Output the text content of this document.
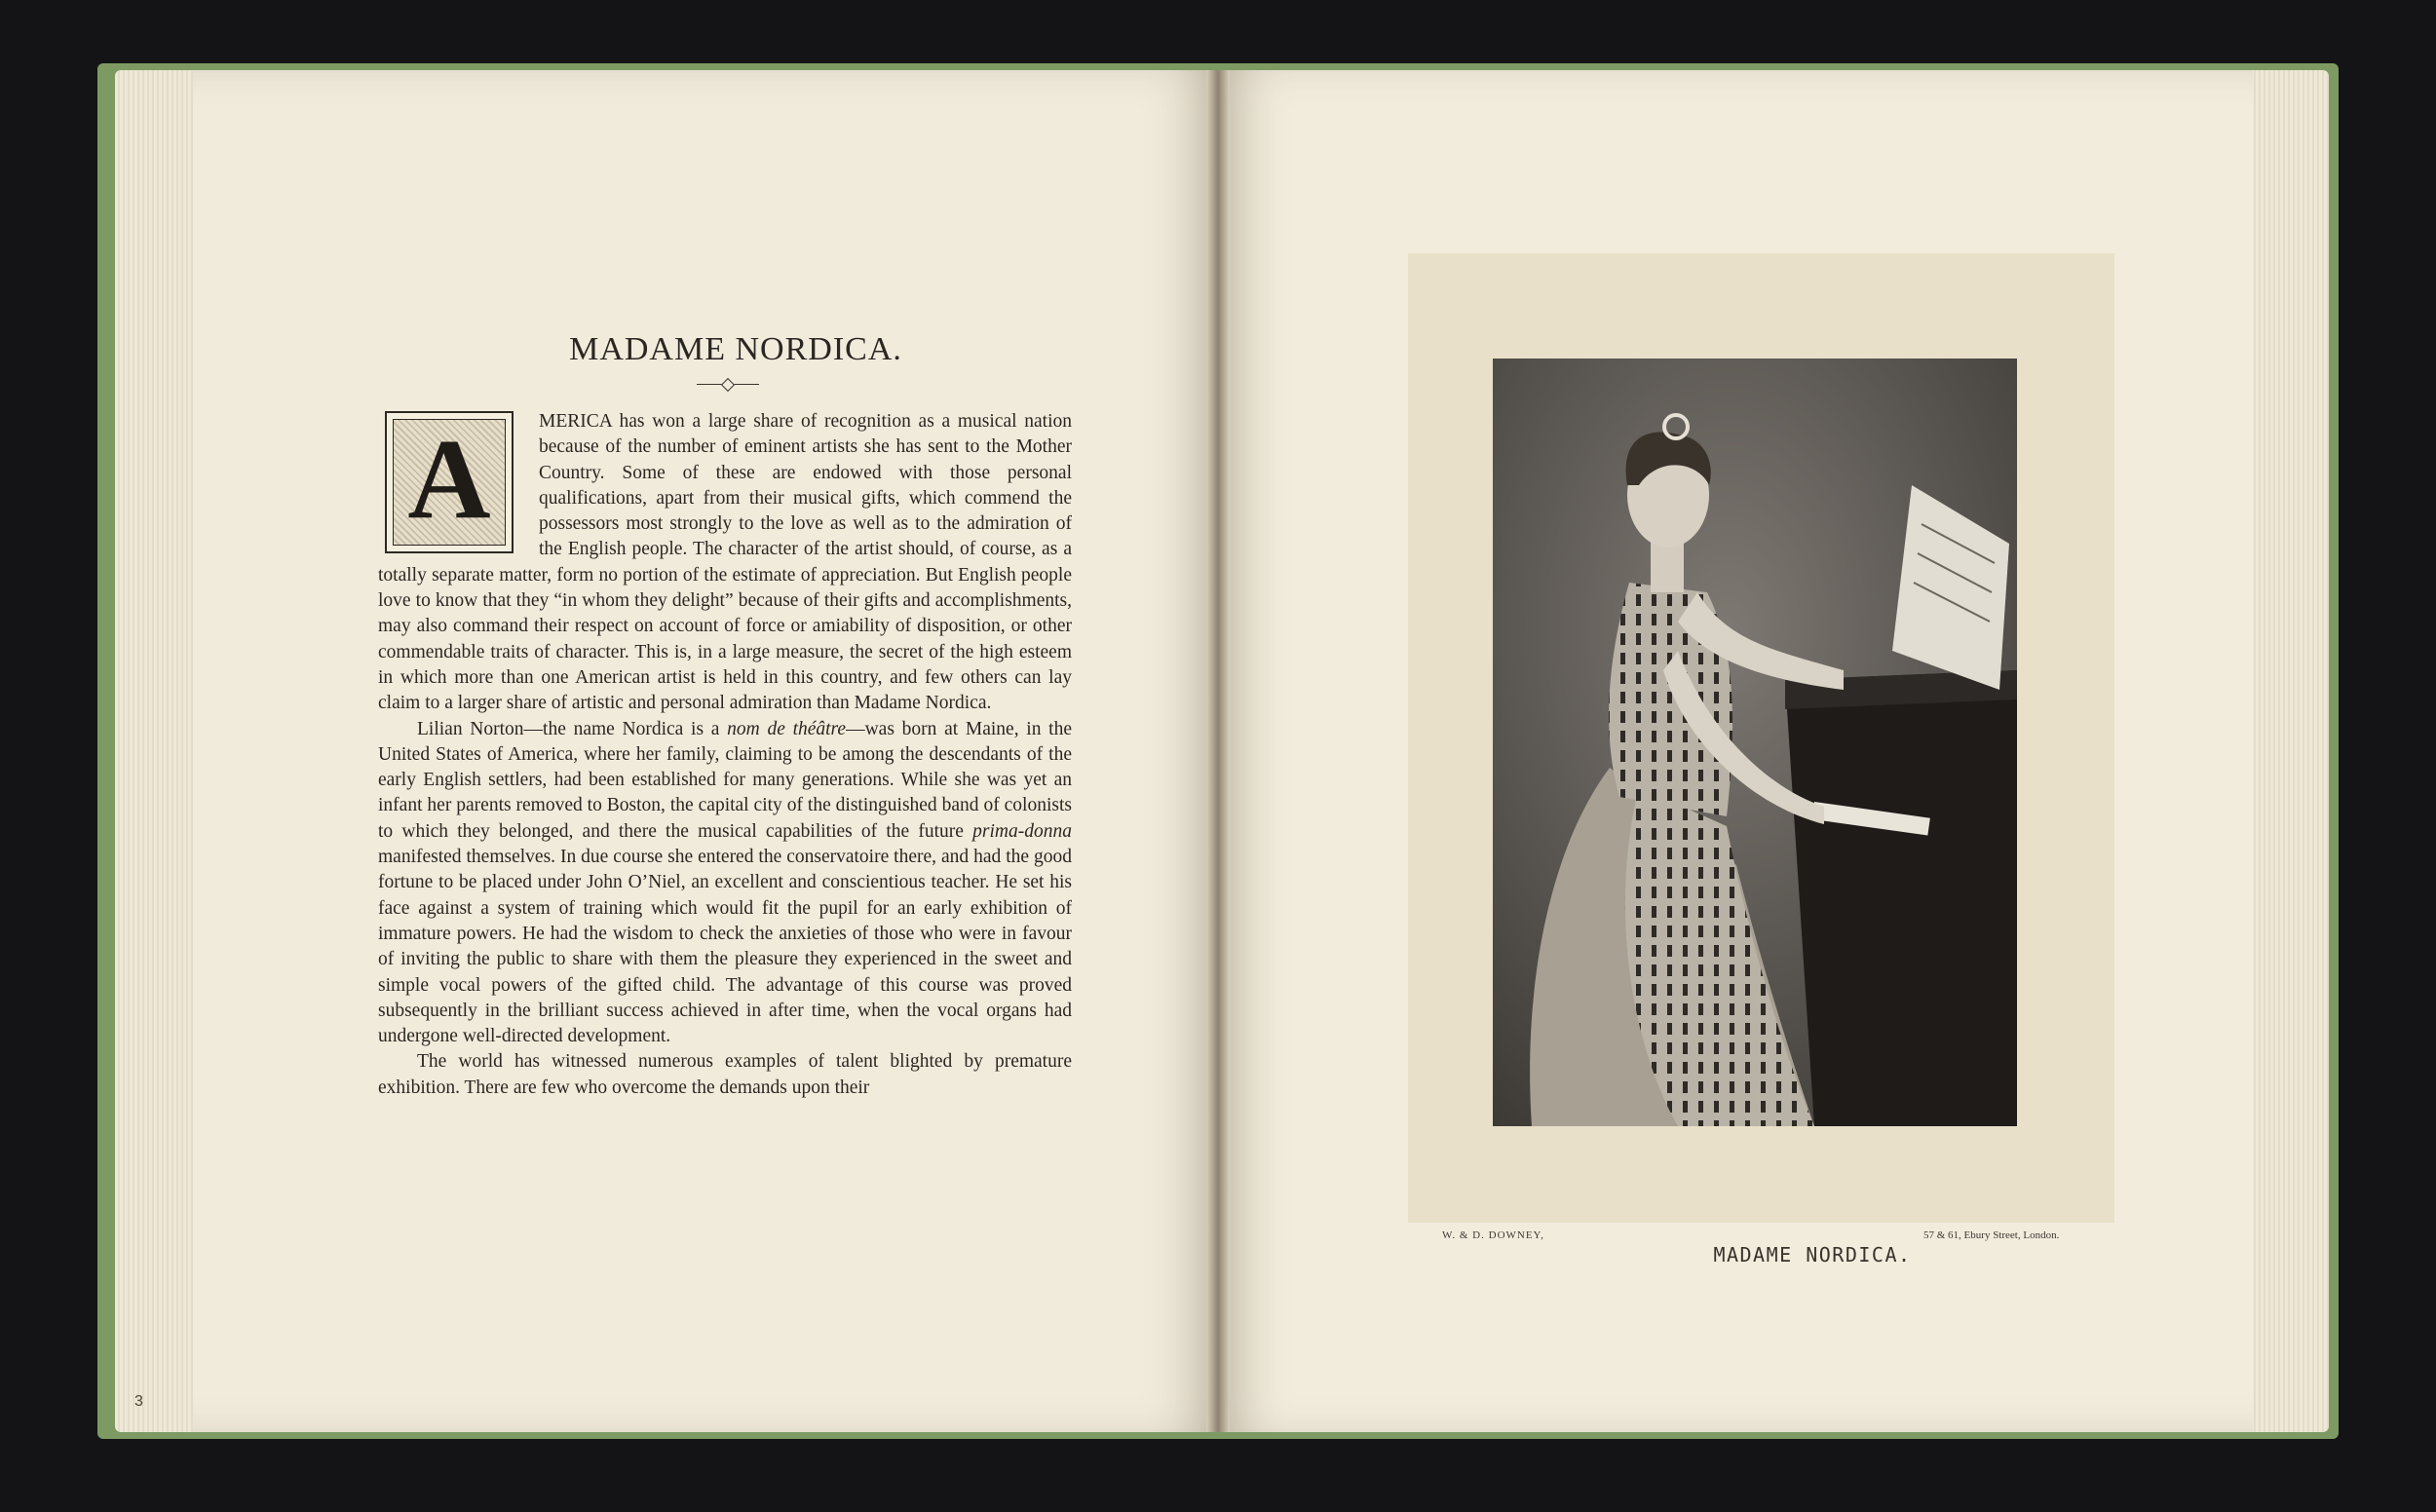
MADAME NORDICA.
A	MERICA has won a large share of recognition as a musical nation because of the number of eminent artists she has sent to the Mother Country. Some of these are endowed with those personal qualifications, apart from their musical gifts, which commend the possessors most strongly to the love as well as to the admiration of the English people. The character of the artist should, of course, as a totally separate matter, form no portion of the estimate of appreciation. But English people love to know that they “in whom they delight” because of their gifts and accomplishments, may also command their respect on account of force or amiability of disposition, or other commendable traits of character. This is, in a large measure, the secret of the high esteem in which more than one American artist is held in this country, and few others can lay claim to a larger share of artistic and personal admiration than Madame Nordica.

Lilian Norton—the name Nordica is a nom de théâtre—was born at Maine, in the United States of America, where her family, claiming to be among the descendants of the early English settlers, had been established for many generations. While she was yet an infant her parents removed to Boston, the capital city of the distinguished band of colonists to which they belonged, and there the musical capabilities of the future prima-donna manifested themselves. In due course she entered the conservatoire there, and had the good fortune to be placed under John O’Niel, an excellent and conscientious teacher. He set his face against a system of training which would fit the pupil for an early exhibition of immature powers. He had the wisdom to check the anxieties of those who were in favour of inviting the public to share with them the pleasure they experienced in the sweet and simple vocal powers of the gifted child. The advantage of this course was proved subsequently in the brilliant success achieved in after time, when the vocal organs had undergone well-directed development.

The world has witnessed numerous examples of talent blighted by premature exhibition. There are few who overcome the demands upon their

3
W. & D. DOWNEY,	57 & 61, Ebury Street, London.
MADAME NORDICA.
